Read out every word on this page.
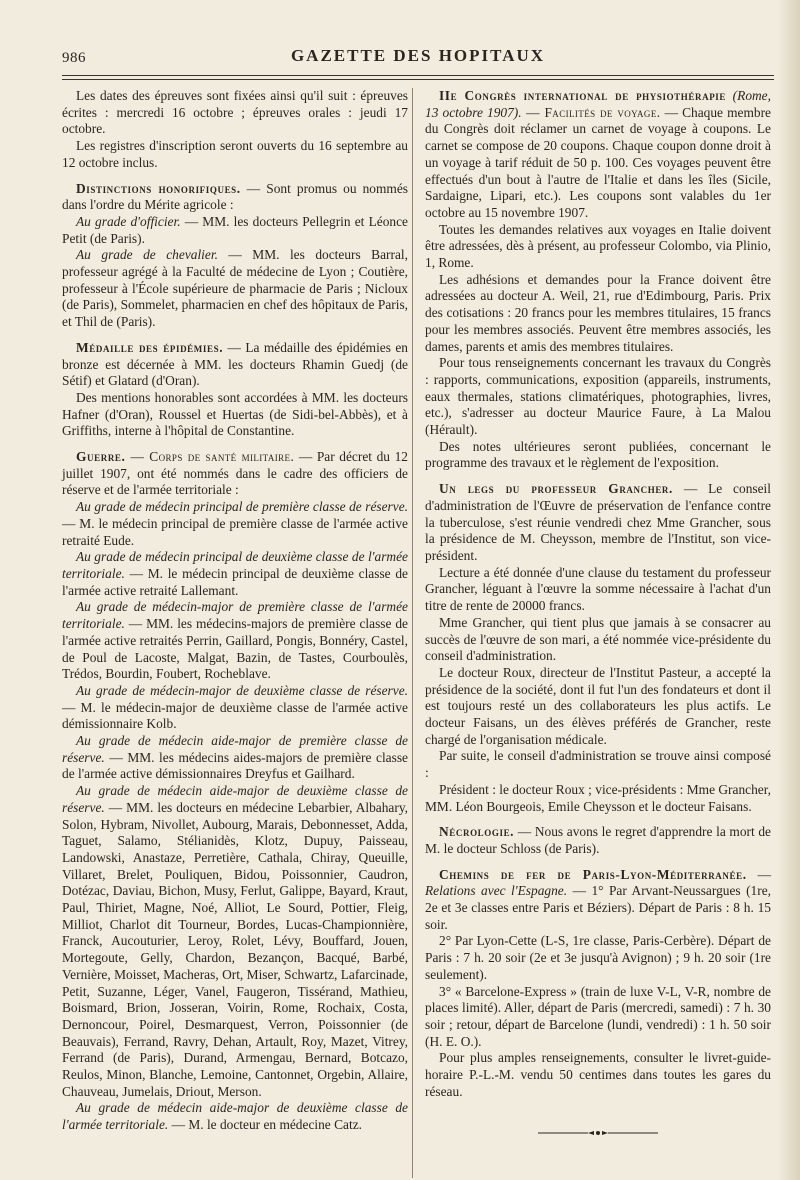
986	GAZETTE DES HOPITAUX

Les dates des épreuves sont fixées ainsi qu'il suit : épreuves écrites : mercredi 16 octobre ; épreuves orales : jeudi 17 octobre.

Les registres d'inscription seront ouverts du 16 septembre au 12 octobre inclus.

Distinctions honorifiques. — Sont promus ou nommés dans l'ordre du Mérite agricole :

Au grade d'officier. — MM. les docteurs Pellegrin et Léonce Petit (de Paris).

Au grade de chevalier. — MM. les docteurs Barral, professeur agrégé à la Faculté de médecine de Lyon ; Coutière, professeur à l'École supérieure de pharmacie de Paris ; Nicloux (de Paris), Sommelet, pharmacien en chef des hôpitaux de Paris, et Thil de (Paris).

Médaille des épidémies. — La médaille des épidémies en bronze est décernée à MM. les docteurs Rhamin Guedj (de Sétif) et Glatard (d'Oran).

Des mentions honorables sont accordées à MM. les docteurs Hafner (d'Oran), Roussel et Huertas (de Sidi-bel-Abbès), et à Griffiths, interne à l'hôpital de Constantine.

Guerre. — Corps de santé militaire. — Par décret du 12 juillet 1907, ont été nommés dans le cadre des officiers de réserve et de l'armée territoriale :

Au grade de médecin principal de première classe de réserve. — M. le médecin principal de première classe de l'armée active retraité Eude.

Au grade de médecin principal de deuxième classe de l'armée territoriale. — M. le médecin principal de deuxième classe de l'armée active retraité Lallemant.

Au grade de médecin-major de première classe de l'armée territoriale. — MM. les médecins-majors de première classe de l'armée active retraités Perrin, Gaillard, Pongis, Bonnéry, Castel, de Poul de Lacoste, Malgat, Bazin, de Tastes, Courboulès, Trédos, Bourdin, Foubert, Rocheblave.

Au grade de médecin-major de deuxième classe de réserve. — M. le médecin-major de deuxième classe de l'armée active démissionnaire Kolb.

Au grade de médecin aide-major de première classe de réserve. — MM. les médecins aides-majors de première classe de l'armée active démissionnaires Dreyfus et Gailhard.

Au grade de médecin aide-major de deuxième classe de réserve. — MM. les docteurs en médecine Lebarbier, Albahary, Solon, Hybram, Nivollet, Aubourg, Marais, Debonnesset, Adda, Taguet, Salamo, Stélianidès, Klotz, Dupuy, Paisseau, Landowski, Anastaze, Perretière, Cathala, Chiray, Queuille, Villaret, Brelet, Pouliquen, Bidou, Poissonnier, Caudron, Dotézac, Daviau, Bichon, Musy, Ferlut, Galippe, Bayard, Kraut, Paul, Thiriet, Magne, Noé, Alliot, Le Sourd, Pottier, Fleig, Milliot, Charlot dit Tourneur, Bordes, Lucas-Championnière, Franck, Aucouturier, Leroy, Rolet, Lévy, Bouffard, Jouen, Mortegoute, Gelly, Chardon, Bezançon, Bacqué, Barbé, Vernière, Moisset, Macheras, Ort, Miser, Schwartz, Lafarcinade, Petit, Suzanne, Léger, Vanel, Faugeron, Tissérand, Mathieu, Boismard, Brion, Josseran, Voirin, Rome, Rochaix, Costa, Dernoncour, Poirel, Desmarquest, Verron, Poissonnier (de Beauvais), Ferrand, Ravry, Dehan, Artault, Roy, Mazet, Vitrey, Ferrand (de Paris), Durand, Armengau, Bernard, Botcazo, Reulos, Minon, Blanche, Lemoine, Cantonnet, Orgebin, Allaire, Chauveau, Jumelais, Driout, Merson.

Au grade de médecin aide-major de deuxième classe de l'armée territoriale. — M. le docteur en médecine Catz.

IIe Congrès international de physiothérapie (Rome, 13 octobre 1907). — Facilités de voyage. — Chaque membre du Congrès doit réclamer un carnet de voyage à coupons. Le carnet se compose de 20 coupons. Chaque coupon donne droit à un voyage à tarif réduit de 50 p. 100. Ces voyages peuvent être effectués d'un bout à l'autre de l'Italie et dans les îles (Sicile, Sardaigne, Lipari, etc.). Les coupons sont valables du 1er octobre au 15 novembre 1907.

Toutes les demandes relatives aux voyages en Italie doivent être adressées, dès à présent, au professeur Colombo, via Plinio, 1, Rome.

Les adhésions et demandes pour la France doivent être adressées au docteur A. Weil, 21, rue d'Edimbourg, Paris. Prix des cotisations : 20 francs pour les membres titulaires, 15 francs pour les membres associés. Peuvent être membres associés, les dames, parents et amis des membres titulaires.

Pour tous renseignements concernant les travaux du Congrès : rapports, communications, exposition (appareils, instruments, eaux thermales, stations climatériques, photographies, livres, etc.), s'adresser au docteur Maurice Faure, à La Malou (Hérault).

Des notes ultérieures seront publiées, concernant le programme des travaux et le règlement de l'exposition.

Un legs du professeur Grancher. — Le conseil d'administration de l'Œuvre de préservation de l'enfance contre la tuberculose, s'est réunie vendredi chez Mme Grancher, sous la présidence de M. Cheysson, membre de l'Institut, son vice-président.

Lecture a été donnée d'une clause du testament du professeur Grancher, léguant à l'œuvre la somme nécessaire à l'achat d'un titre de rente de 20000 francs.

Mme Grancher, qui tient plus que jamais à se consacrer au succès de l'œuvre de son mari, a été nommée vice-présidente du conseil d'administration.

Le docteur Roux, directeur de l'Institut Pasteur, a accepté la présidence de la société, dont il fut l'un des fondateurs et dont il est toujours resté un des collaborateurs les plus actifs. Le docteur Faisans, un des élèves préférés de Grancher, reste chargé de l'organisation médicale.

Par suite, le conseil d'administration se trouve ainsi composé :

Président : le docteur Roux ; vice-présidents : Mme Grancher, MM. Léon Bourgeois, Emile Cheysson et le docteur Faisans.

Nécrologie. — Nous avons le regret d'apprendre la mort de M. le docteur Schloss (de Paris).

Chemins de fer de Paris-Lyon-Méditerranée. — Relations avec l'Espagne. — 1° Par Arvant-Neussargues (1re, 2e et 3e classes entre Paris et Béziers). Départ de Paris : 8 h. 15 soir.

2° Par Lyon-Cette (L-S, 1re classe, Paris-Cerbère). Départ de Paris : 7 h. 20 soir (2e et 3e jusqu'à Avignon) ; 9 h. 20 soir (1re seulement).

3° « Barcelone-Express » (train de luxe V-L, V-R, nombre de places limité). Aller, départ de Paris (mercredi, samedi) : 7 h. 30 soir ; retour, départ de Barcelone (lundi, vendredi) : 1 h. 50 soir (H. E. O.).

Pour plus amples renseignements, consulter le livret-guide-horaire P.-L.-M. vendu 50 centimes dans toutes les gares du réseau.
